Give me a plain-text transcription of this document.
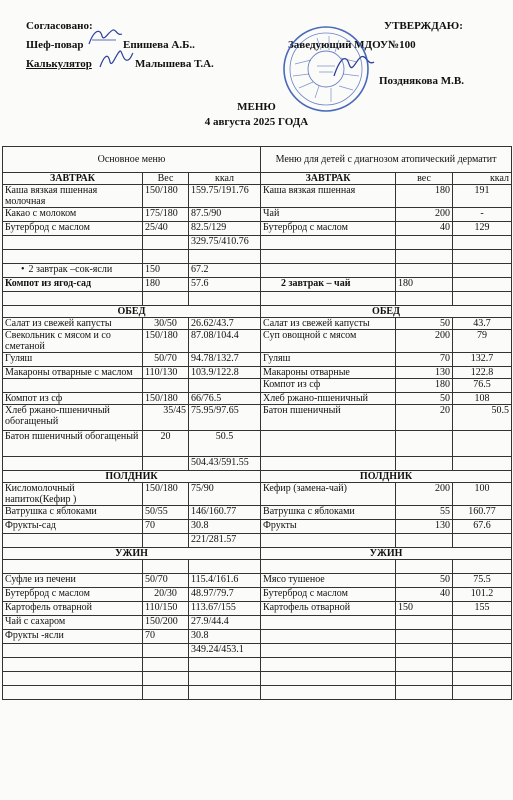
Согласовано:	УТВЕРЖДАЮ:
Шеф-повар	Епишева А.Б..	Заведующий МДОУ№100
Калькулятор	Малышева Т.А.
Позднякова М.В.
МЕНЮ
4 августа 2025 ГОДА
Основное меню			Меню для детей с диагнозом атопический дерматит		
ЗАВТРАК	Вес	ккал	ЗАВТРАК	вес	ккал
Каша вязкая пшенная молочная	150/180	159.75/191.76	Каша вязкая пшенная	180	191
Какао с молоком	175/180	87.5/90	Чай	200	-
Бутерброд с маслом	25/40	82.5/129	Бутерброд с маслом	40	129
		329.75/410.76			

• 2 завтрак –сок-ясли	150	67.2			
Компот из ягод-сад	180	57.6	2 завтрак – чай	180	

ОБЕД			ОБЕД		
Салат из свежей капусты	30/50	26.62/43.7	Салат из свежей капусты	50	43.7
Свекольник с мясом и со сметаной	150/180	87.08/104.4	Суп овощной с мясом	200	79
Гуляш	50/70	94.78/132.7	Гуляш	70	132.7
Макароны отварные с маслом	110/130	103.9/122.8	Макароны отварные	130	122.8
			Компот из сф	180	76.5
Компот из сф	150/180	66/76.5	Хлеб ржано-пшеничный	50	108
Хлеб ржано-пшеничный обогащеный	35/45	75.95/97.65	Батон пшеничный	20	50.5
Батон пшеничный обогащеный	20	50.5			
		504.43/591.55			
ПОЛДНИК			ПОЛДНИК		
Кисломолочный напиток(Кефир )	150/180	75/90	Кефир (замена-чай)	200	100
Ватрушка с яблоками	50/55	146/160.77	Ватрушка с яблоками	55	160.77
Фрукты-сад	70	30.8	Фрукты	130	67.6
		221/281.57			
УЖИН			УЖИН		

Суфле из печени	50/70	115.4/161.6	Мясо тушеное	50	75.5
Бутерброд с маслом	20/30	48.97/79.7	Бутерброд с маслом	40	101.2
Картофель отварной	110/150	113.67/155	Картофель отварной	150	155
Чай с сахаром	150/200	27.9/44.4			
Фрукты -ясли	70	30.8			
		349.24/453.1			
